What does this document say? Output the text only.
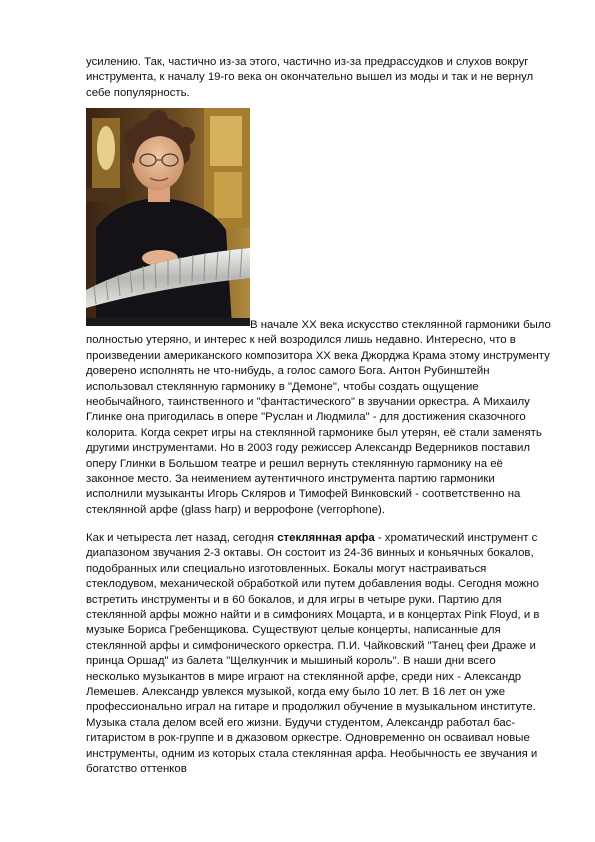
усилению. Так, частично из-за этого, частично из-за предрассудков и слухов вокруг инструмента, к началу 19-го века он окончательно вышел из моды и так и не вернул себе популярность.

В начале XX века искусство стеклянной гармоники было полностью утеряно, и интерес к ней возродился лишь недавно. Интересно, что в произведении американского композитора XX века Джорджа Крама этому инструменту доверено исполнять не что-нибудь, а голос самого Бога. Антон Рубинштейн использовал стеклянную гармонику в "Демоне", чтобы создать ощущение необычайного, таинственного и "фантастического" в звучании оркестра. А Михаилу Глинке она пригодилась в опере "Руслан и Людмила" - для достижения сказочного колорита. Когда секрет игры на стеклянной гармонике был утерян, её стали заменять другими инструментами. Но в 2003 году режиссер Александр Ведерников поставил оперу Глинки в Большом театре и решил вернуть стеклянную гармонику на её законное место. За неимением аутентичного инструмента партию гармоники исполнили музыканты Игорь Скляров и Тимофей Винковский - соответственно на стеклянной арфе (glass harp) и веррофоне (verrophone).

Как и четыреста лет назад, сегодня стеклянная арфа - хроматический инструмент с диапазоном звучания 2-3 октавы. Он состоит из 24-36 винных и коньячных бокалов, подобранных или специально изготовленных. Бокалы могут настраиваться стеклодувом, механической обработкой или путем добавления воды. Сегодня можно встретить инструменты и в 60 бокалов, и для игры в четыре руки. Партию для стеклянной арфы можно найти и в симфониях Моцарта, и в концертах Pink Floyd, и в музыке Бориса Гребенщикова. Существуют целые концерты, написанные для стеклянной арфы и симфонического оркестра. П.И. Чайковский "Танец феи Драже и принца Оршад" из балета "Щелкунчик и мышиный король". В наши дни всего несколько музыкантов в мире играют на стеклянной арфе, среди них - Александр Лемешев. Александр увлекся музыкой, когда ему было 10 лет. В 16 лет он уже профессионально играл на гитаре и продолжил обучение в музыкальном институте. Музыка стала делом всей его жизни. Будучи студентом, Александр работал бас-гитаристом в рок-группе и в джазовом оркестре. Одновременно он осваивал новые инструменты, одним из которых стала стеклянная арфа. Необычность ее звучания и богатство оттенков
